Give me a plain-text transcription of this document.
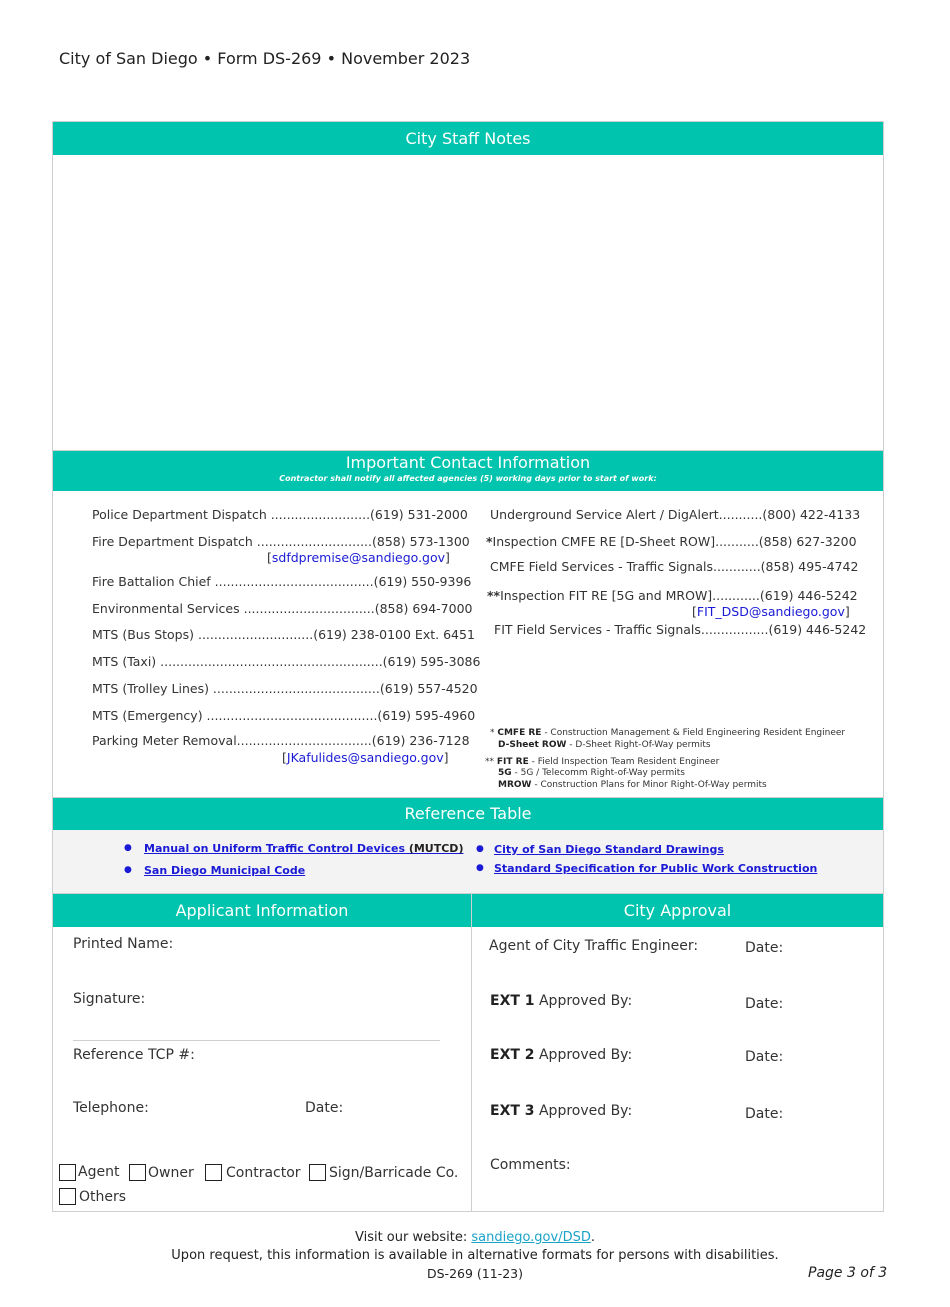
City of San Diego • Form DS-269 • November 2023
City Staff Notes
Important Contact Information
Contractor shall notify all affected agencies (5) working days prior to start of work:
Police Department Dispatch .........................(619) 531-2000
Fire Department Dispatch .............................(858) 573-1300
[sdfdpremise@sandiego.gov]
Fire Battalion Chief ........................................(619) 550-9396
Environmental Services .................................(858) 694-7000
MTS (Bus Stops) .............................(619) 238-0100 Ext. 6451
MTS (Taxi) ........................................................(619) 595-3086
MTS (Trolley Lines) ..........................................(619) 557-4520
MTS (Emergency) ...........................................(619) 595-4960
Parking Meter Removal..................................(619) 236-7128
[JKafulides@sandiego.gov]
Underground Service Alert / DigAlert...........(800) 422-4133
*Inspection CMFE RE [D-Sheet ROW]...........(858) 627-3200
CMFE Field Services - Traffic Signals............(858) 495-4742
**Inspection FIT RE [5G and MROW]............(619) 446-5242
[FIT_DSD@sandiego.gov]
FIT Field Services - Traffic Signals.................(619) 446-5242
* CMFE RE - Construction Management & Field Engineering Resident Engineer
D-Sheet ROW - D-Sheet Right-Of-Way permits
** FIT RE - Field Inspection Team Resident Engineer
5G - 5G / Telecomm Right-of-Way permits
MROW - Construction Plans for Minor Right-Of-Way permits
Reference Table
● Manual on Uniform Traffic Control Devices (MUTCD)
● San Diego Municipal Code
● City of San Diego Standard Drawings
● Standard Specification for Public Work Construction
Applicant Information	City Approval
Printed Name:
Signature:
Reference TCP #:
Telephone:	Date:
Agent Owner Contractor Sign/Barricade Co.
Others
Agent of City Traffic Engineer:	Date:
EXT 1 Approved By:	Date:
EXT 2 Approved By:	Date:
EXT 3 Approved By:	Date:
Comments:
Visit our website: sandiego.gov/DSD.
Upon request, this information is available in alternative formats for persons with disabilities.
DS-269 (11-23)	Page 3 of 3
